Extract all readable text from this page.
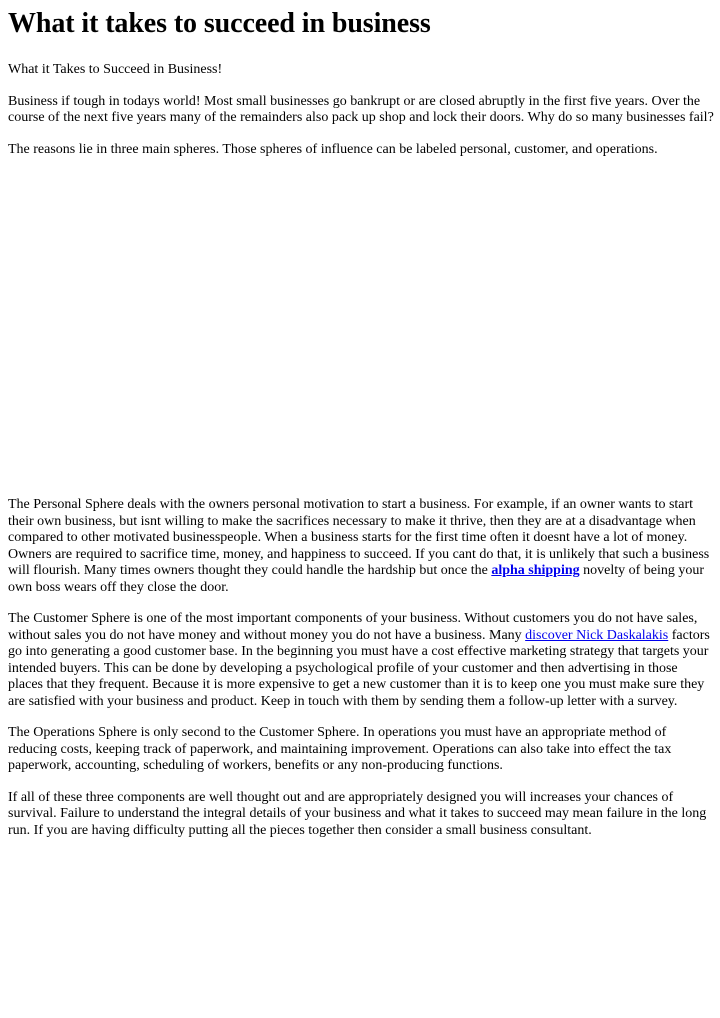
What it takes to succeed in business

What it Takes to Succeed in Business!

Business if tough in todays world! Most small businesses go bankrupt or are closed abruptly in the first five years. Over the course of the next five years many of the remainders also pack up shop and lock their doors. Why do so many businesses fail?

The reasons lie in three main spheres. Those spheres of influence can be labeled personal, customer, and operations.

The Personal Sphere deals with the owners personal motivation to start a business. For example, if an owner wants to start their own business, but isnt willing to make the sacrifices necessary to make it thrive, then they are at a disadvantage when compared to other motivated businesspeople. When a business starts for the first time often it doesnt have a lot of money. Owners are required to sacrifice time, money, and happiness to succeed. If you cant do that, it is unlikely that such a business will flourish. Many times owners thought they could handle the hardship but once the alpha shipping novelty of being your own boss wears off they close the door.

The Customer Sphere is one of the most important components of your business. Without customers you do not have sales, without sales you do not have money and without money you do not have a business. Many discover Nick Daskalakis factors go into generating a good customer base. In the beginning you must have a cost effective marketing strategy that targets your intended buyers. This can be done by developing a psychological profile of your customer and then advertising in those places that they frequent. Because it is more expensive to get a new customer than it is to keep one you must make sure they are satisfied with your business and product. Keep in touch with them by sending them a follow-up letter with a survey.

The Operations Sphere is only second to the Customer Sphere. In operations you must have an appropriate method of reducing costs, keeping track of paperwork, and maintaining improvement. Operations can also take into effect the tax paperwork, accounting, scheduling of workers, benefits or any non-producing functions.

If all of these three components are well thought out and are appropriately designed you will increases your chances of survival. Failure to understand the integral details of your business and what it takes to succeed may mean failure in the long run. If you are having difficulty putting all the pieces together then consider a small business consultant.
